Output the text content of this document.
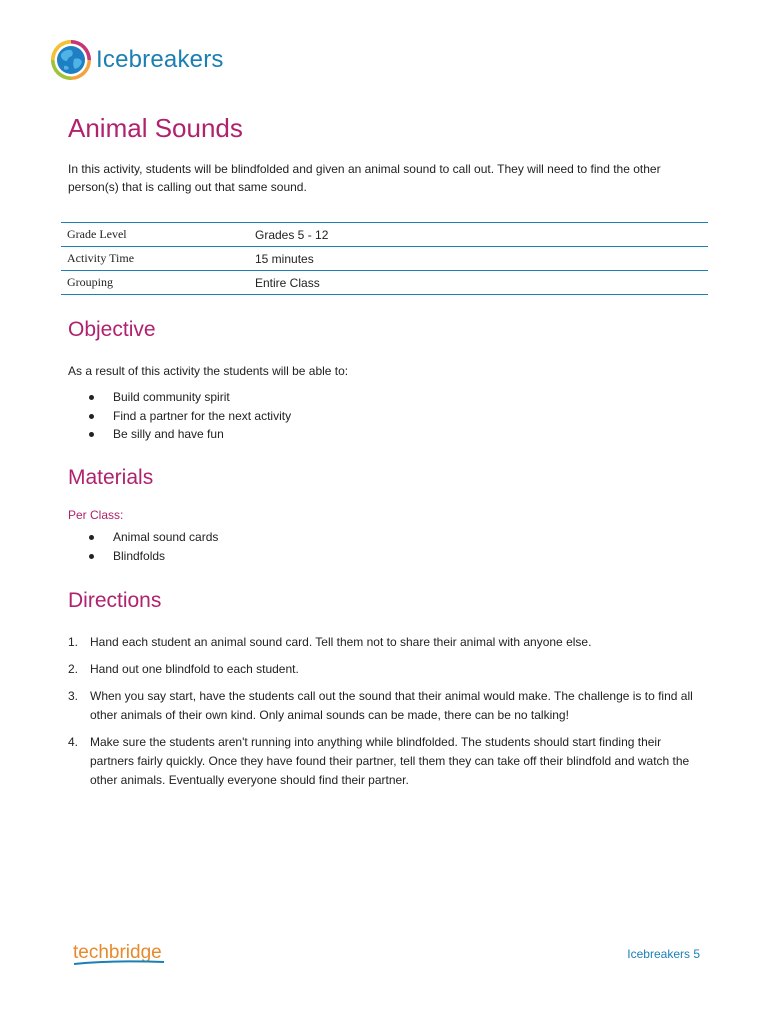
Icebreakers
Animal Sounds

In this activity, students will be blindfolded and given an animal sound to call out. They will need to find the other person(s) that is calling out that same sound.

Grade Level	Grades 5 - 12
Activity Time	15 minutes
Grouping	Entire Class
Objective

As a result of this activity the students will be able to:

Build community spirit
Find a partner for the next activity
Be silly and have fun
Materials

Per Class:

Animal sound cards
Blindfolds
Directions
1. Hand each student an animal sound card. Tell them not to share their animal with anyone else.
2. Hand out one blindfold to each student.
3. When you say start, have the students call out the sound that their animal would make. The challenge is to find all other animals of their own kind. Only animal sounds can be made, there can be no talking!
4. Make sure the students aren't running into anything while blindfolded. The students should start finding their partners fairly quickly. Once they have found their partner, tell them they can take off their blindfold and watch the other animals. Eventually everyone should find their partner.
techbridge	Icebreakers 5
